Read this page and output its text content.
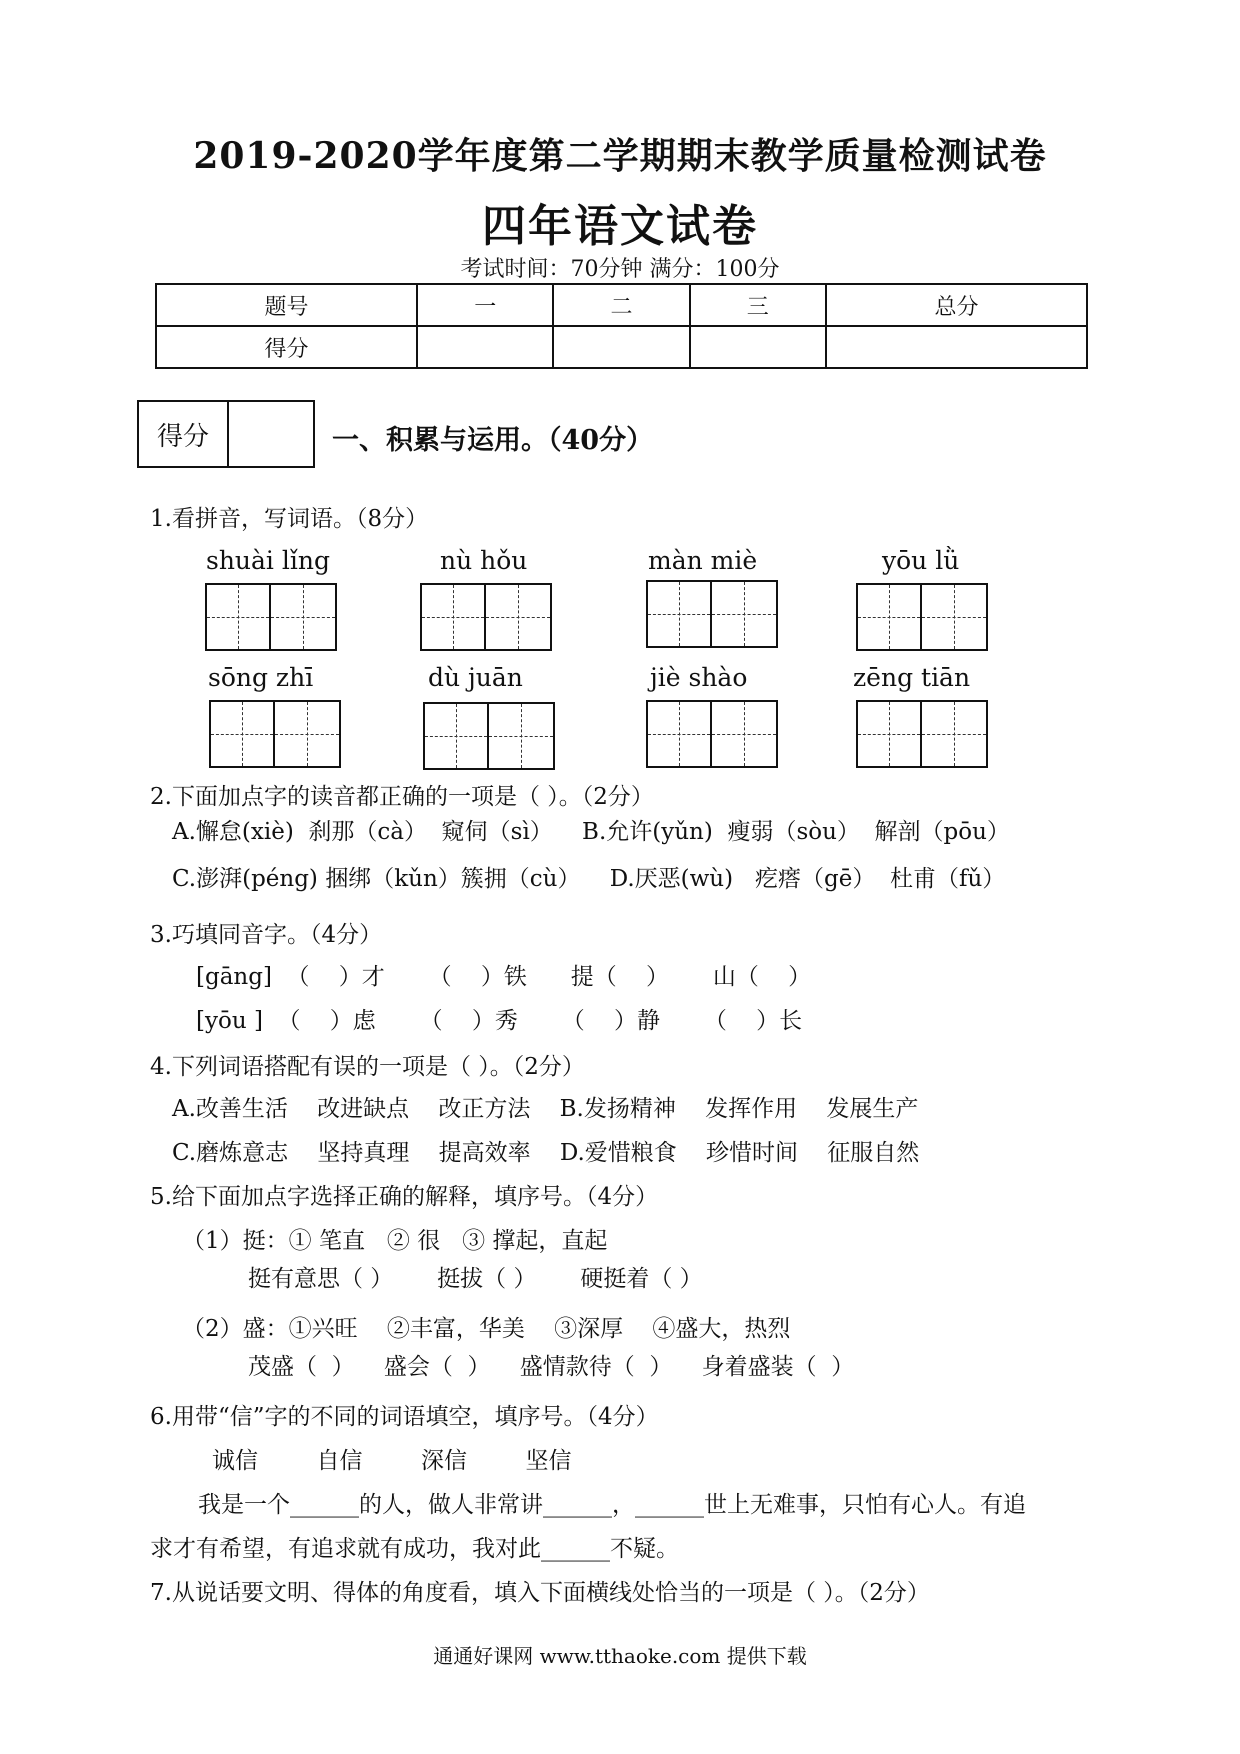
2019-2020学年度第二学期期末教学质量检测试卷
四年语文试卷
考试时间：70分钟 满分：100分
题号	一	二	三	总分
得分				
得分	一、积累与运用。（40分）
1.看拼音，写词语。（8分）
shuài lǐng	nù hǒu	màn miè	yōu lǜ
sōng zhī	dù juān	jiè shào	zēng tiān
2.下面加点字的读音都正确的一项是（ ）。（2分）
A.懈怠(xiè)  刹那（cà）  窥伺（sì）    B.允许(yǔn)  瘦弱（sòu）  解剖（pōu）
C.澎湃(péng) 捆绑（kǔn）簇拥（cù）    D.厌恶(wù)   疙瘩（gē）  杜甫（fǔ）
3.巧填同音字。（4分）
[gāng]  （    ）才      （    ）铁      提（    ）      山（    ）
[yōu ]  （    ）虑      （    ）秀      （    ）静      （    ）长
4.下列词语搭配有误的一项是（ ）。（2分）
A.改善生活    改进缺点    改正方法    B.发扬精神    发挥作用    发展生产
C.磨炼意志    坚持真理    提高效率    D.爱惜粮食    珍惜时间    征服自然
5.给下面加点字选择正确的解释，填序号。（4分）
（1）挺：① 笔直   ② 很   ③ 撑起，直起
挺有意思（ ）      挺拔（ ）      硬挺着（ ）
（2）盛：①兴旺    ②丰富，华美    ③深厚    ④盛大，热烈
茂盛（  ）    盛会（  ）    盛情款待（  ）    身着盛装（  ）
6.用带“信”字的不同的词语填空，填序号。（4分）
诚信        自信        深信        坚信
我是一个______的人，做人非常讲______，______世上无难事，只怕有心人。有追
求才有希望，有追求就有成功，我对此______不疑。
7.从说话要文明、得体的角度看，填入下面横线处恰当的一项是（ ）。（2分）
通通好课网 www.tthaoke.com 提供下载
